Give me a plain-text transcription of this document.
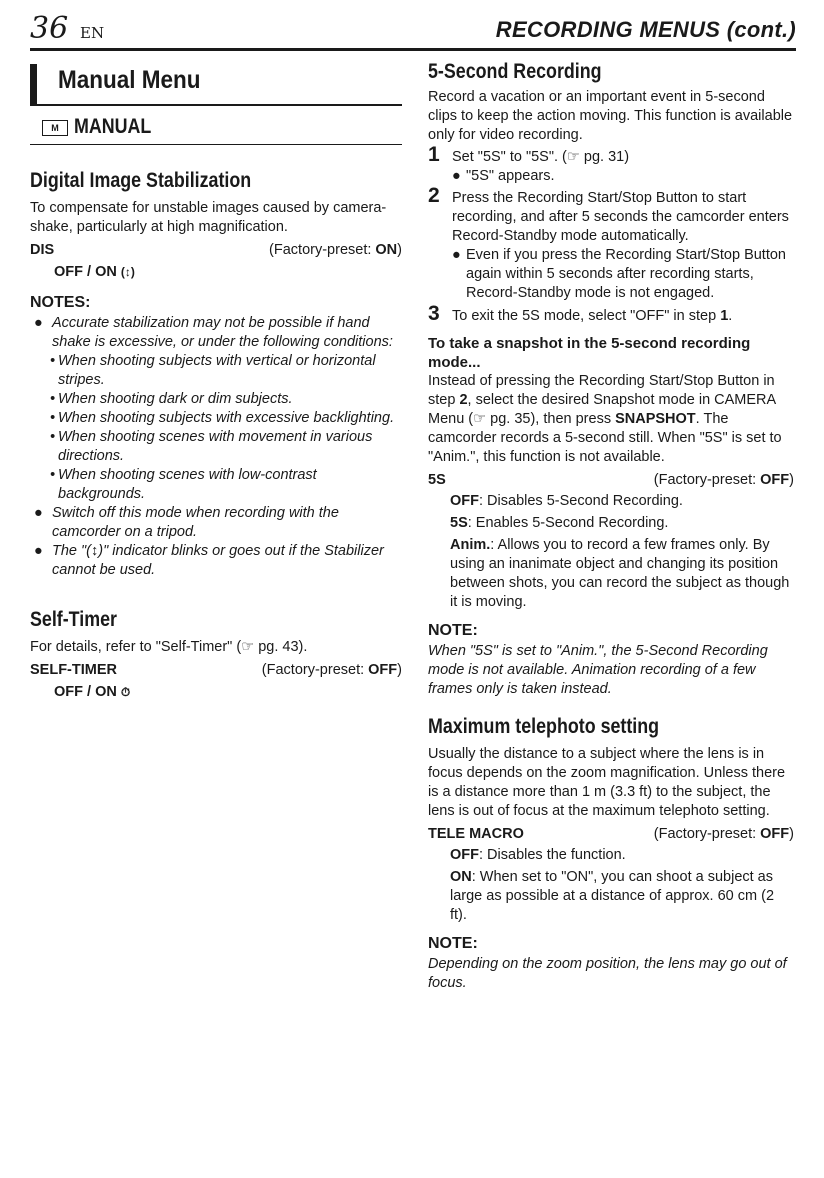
36 EN	RECORDING MENUS (cont.)
Manual Menu
M MANUAL
Digital Image Stabilization

To compensate for unstable images caused by camera-shake, particularly at high magnification.

DIS	(Factory-preset: ON)
OFF / ON (↕)
NOTES:
● Accurate stabilization may not be possible if hand shake is excessive, or under the following conditions:
• When shooting subjects with vertical or horizontal stripes.
• When shooting dark or dim subjects.
• When shooting subjects with excessive backlighting.
• When shooting scenes with movement in various directions.
• When shooting scenes with low-contrast backgrounds.
● Switch off this mode when recording with the camcorder on a tripod.
● The "(↕)" indicator blinks or goes out if the Stabilizer cannot be used.
Self-Timer

For details, refer to "Self-Timer" (☞ pg. 43).

SELF-TIMER	(Factory-preset: OFF)
OFF / ON ⏱
5-Second Recording

Record a vacation or an important event in 5-second clips to keep the action moving. This function is available only for video recording.

1 Set "5S" to "5S". (☞ pg. 31)
● "5S" appears.
2 Press the Recording Start/Stop Button to start recording, and after 5 seconds the camcorder enters Record-Standby mode automatically.
● Even if you press the Recording Start/Stop Button again within 5 seconds after recording starts, Record-Standby mode is not engaged.
3 To exit the 5S mode, select "OFF" in step 1.
To take a snapshot in the 5-second recording mode...

Instead of pressing the Recording Start/Stop Button in step 2, select the desired Snapshot mode in CAMERA Menu (☞ pg. 35), then press SNAPSHOT. The camcorder records a 5-second still. When "5S" is set to "Anim.", this function is not available.

5S	(Factory-preset: OFF)
OFF: Disables 5-Second Recording.
5S: Enables 5-Second Recording.
Anim.: Allows you to record a few frames only. By using an inanimate object and changing its position between shots, you can record the subject as though it is moving.
NOTE:

When "5S" is set to "Anim.", the 5-Second Recording mode is not available. Animation recording of a few frames only is taken instead.

Maximum telephoto setting

Usually the distance to a subject where the lens is in focus depends on the zoom magnification. Unless there is a distance more than 1 m (3.3 ft) to the subject, the lens is out of focus at the maximum telephoto setting.

TELE MACRO	(Factory-preset: OFF)
OFF: Disables the function.
ON: When set to "ON", you can shoot a subject as large as possible at a distance of approx. 60 cm (2 ft).
NOTE:

Depending on the zoom position, the lens may go out of focus.
